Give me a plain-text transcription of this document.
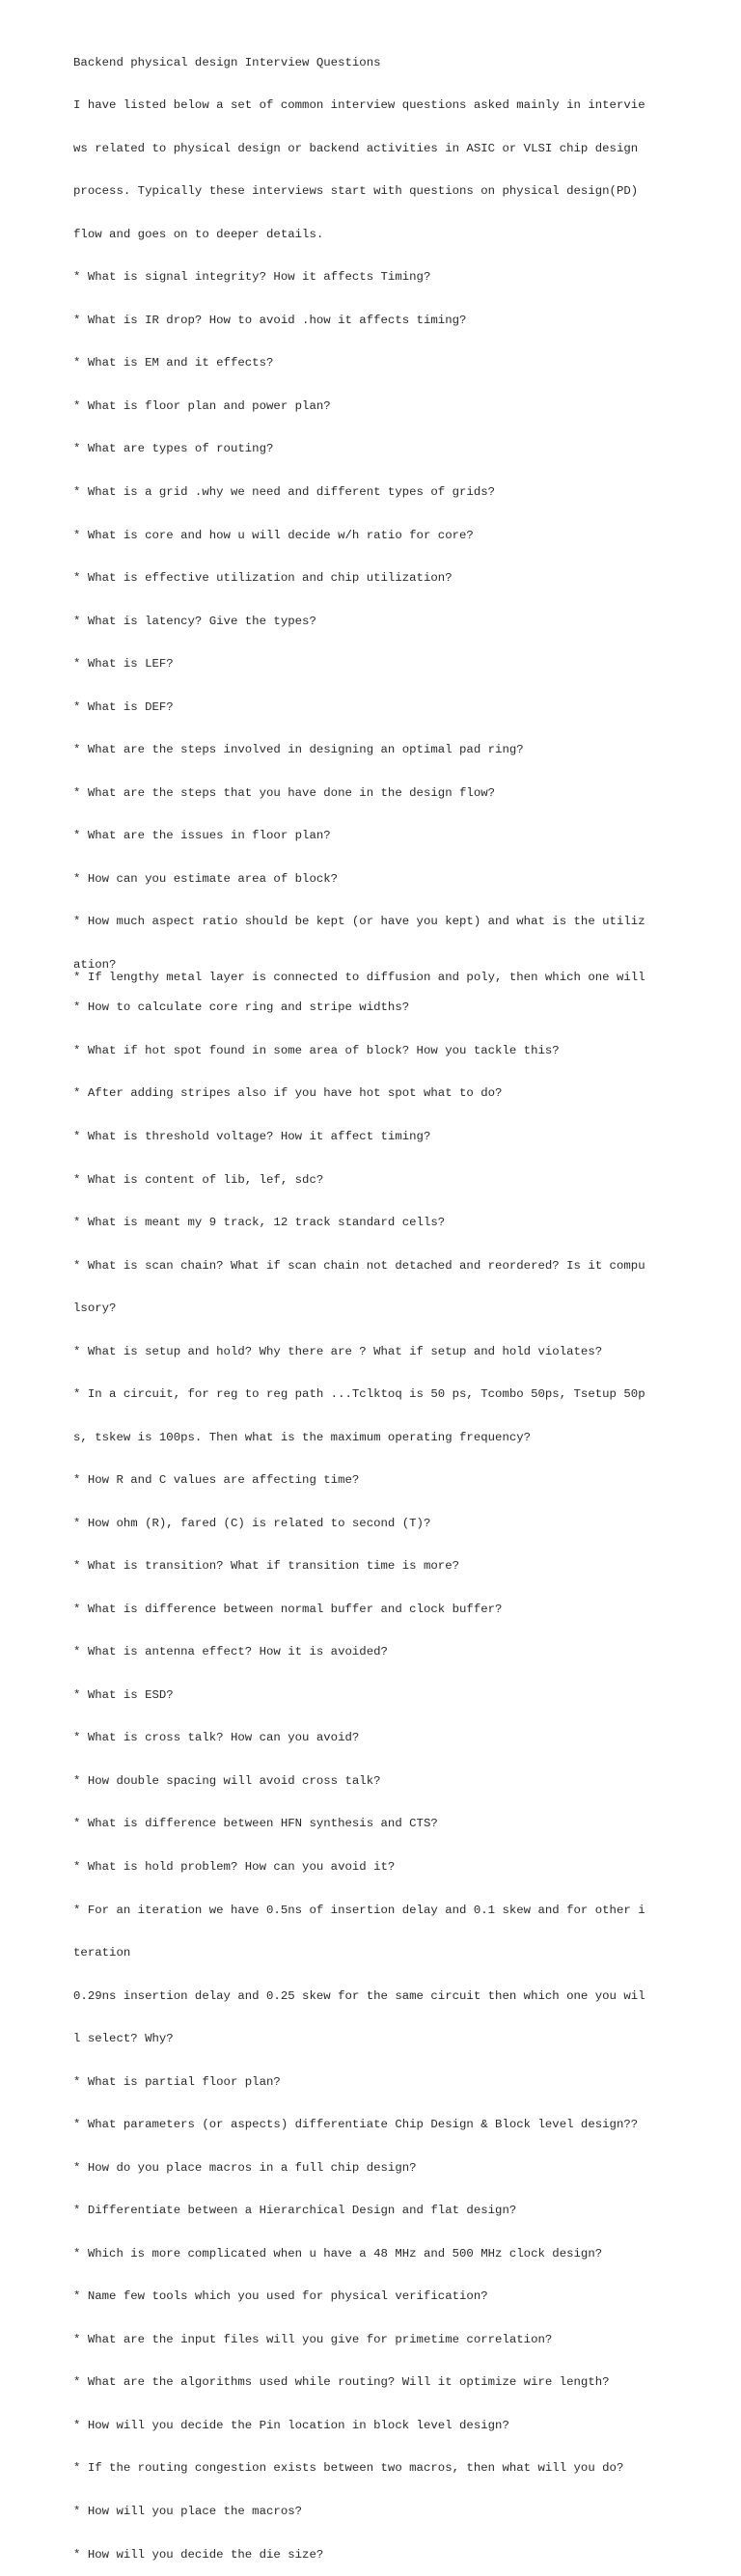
Backend physical design Interview Questions

I have listed below a set of common interview questions asked mainly in intervie

ws related to physical design or backend activities in ASIC or VLSI chip design

process. Typically these interviews start with questions on physical design(PD)

flow and goes on to deeper details.

* What is signal integrity? How it affects Timing?

* What is IR drop? How to avoid .how it affects timing?

* What is EM and it effects?

* What is floor plan and power plan?

* What are types of routing?

* What is a grid .why we need and different types of grids?

* What is core and how u will decide w/h ratio for core?

* What is effective utilization and chip utilization?

* What is latency? Give the types?

* What is LEF?

* What is DEF?

* What are the steps involved in designing an optimal pad ring?

* What are the steps that you have done in the design flow?

* What are the issues in floor plan?

* How can you estimate area of block?

* How much aspect ratio should be kept (or have you kept) and what is the utiliz

ation?

* How to calculate core ring and stripe widths?

* What if hot spot found in some area of block? How you tackle this?

* After adding stripes also if you have hot spot what to do?

* What is threshold voltage? How it affect timing?

* What is content of lib, lef, sdc?

* What is meant my 9 track, 12 track standard cells?

* What is scan chain? What if scan chain not detached and reordered? Is it compu

lsory?

* What is setup and hold? Why there are ? What if setup and hold violates?

* In a circuit, for reg to reg path ...Tclktoq is 50 ps, Tcombo 50ps, Tsetup 50p

s, tskew is 100ps. Then what is the maximum operating frequency?

* How R and C values are affecting time?

* How ohm (R), fared (C) is related to second (T)?

* What is transition? What if transition time is more?

* What is difference between normal buffer and clock buffer?

* What is antenna effect? How it is avoided?

* What is ESD?

* What is cross talk? How can you avoid?

* How double spacing will avoid cross talk?

* What is difference between HFN synthesis and CTS?

* What is hold problem? How can you avoid it?

* For an iteration we have 0.5ns of insertion delay and 0.1 skew and for other i

teration

0.29ns insertion delay and 0.25 skew for the same circuit then which one you wil

l select? Why?

* What is partial floor plan?

* What parameters (or aspects) differentiate Chip Design & Block level design??

* How do you place macros in a full chip design?

* Differentiate between a Hierarchical Design and flat design?

* Which is more complicated when u have a 48 MHz and 500 MHz clock design?

* Name few tools which you used for physical verification?

* What are the input files will you give for primetime correlation?

* What are the algorithms used while routing? Will it optimize wire length?

* How will you decide the Pin location in block level design?

* If the routing congestion exists between two macros, then what will you do?

* How will you place the macros?

* How will you decide the die size?

* If lengthy metal layer is connected to diffusion and poly, then which one will
